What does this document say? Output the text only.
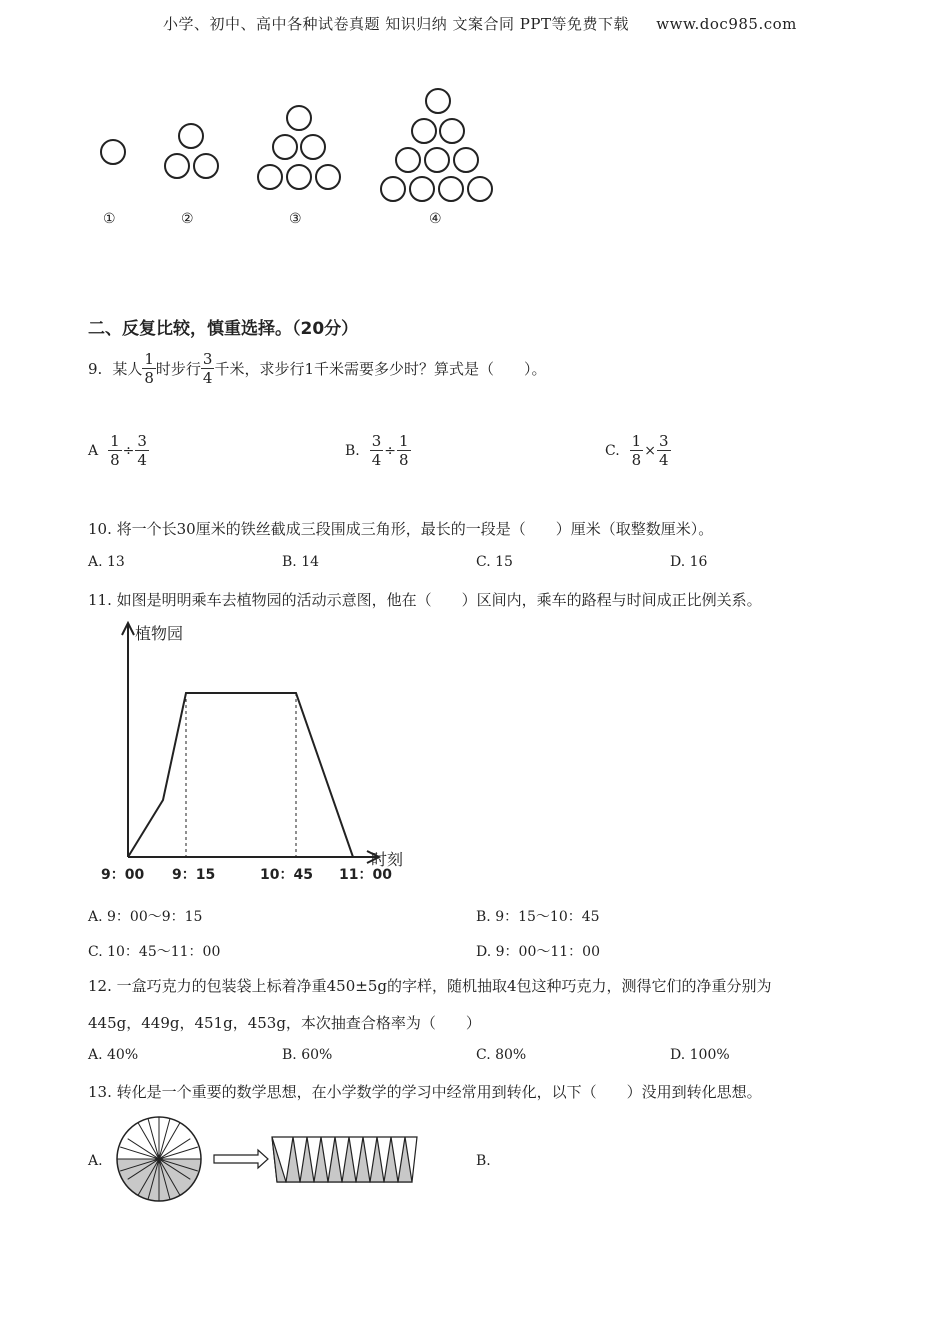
小学、初中、高中各种试卷真题 知识归纳 文案合同 PPT等免费下载 www.doc985.com
①	②	③	④
二、反复比较，慎重选择。（20分）
9. 某人 $\frac{1}{8}$ 时步行 $\frac{3}{4}$ 千米，求步行1千米需要多少时？算式是（　　）。
A $\frac{1}{8} \div \frac{3}{4}$	B. $\frac{3}{4} \div \frac{1}{8}$	C. $\frac{1}{8} \times \frac{3}{4}$
10. 将一个长30厘米的铁丝截成三段围成三角形，最长的一段是（　　）厘米（取整数厘米）。
A. 13	B. 14	C. 15	D. 16
11. 如图是明明乘车去植物园的活动示意图，他在（　　）区间内，乘车的路程与时间成正比例关系。
植物园
时刻
9：00 9：15	10：45 11：00
A. 9：00～9：15	B. 9：15～10：45
C. 10：45～11：00	D. 9：00～11：00
12. 一盒巧克力的包装袋上标着净重450±5g的字样，随机抽取4包这种巧克力，测得它们的净重分别为
445g，449g，451g，453g，本次抽查合格率为（　　）
A. 40%	B. 60%	C. 80%	D. 100%
13. 转化是一个重要的数学思想，在小学数学的学习中经常用到转化，以下（　　）没用到转化思想。
A.	B.
